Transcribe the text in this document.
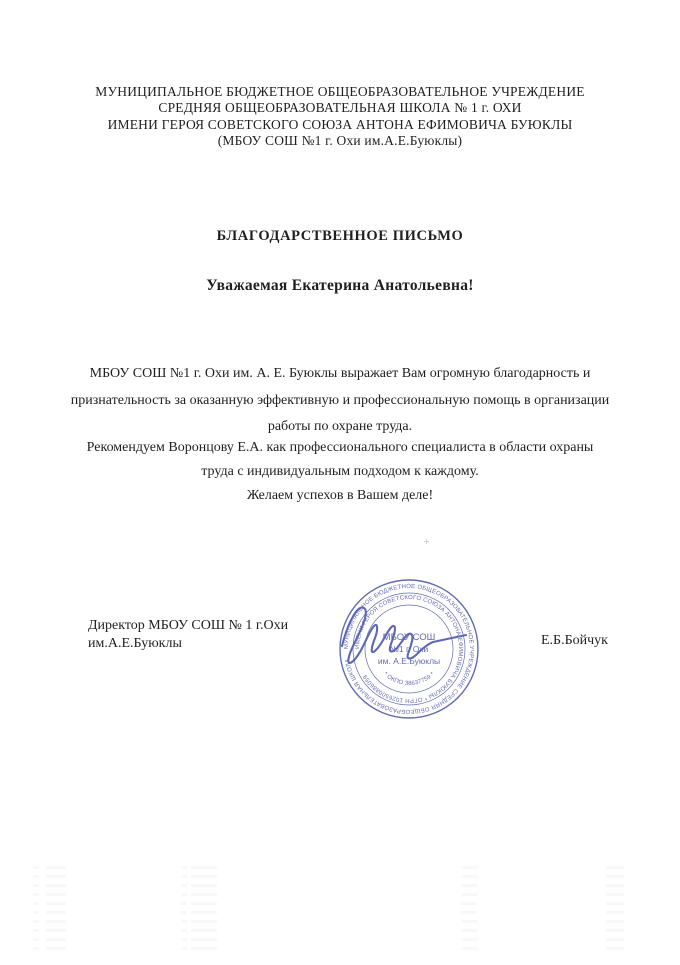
МУНИЦИПАЛЬНОЕ БЮДЖЕТНОЕ ОБЩЕОБРАЗОВАТЕЛЬНОЕ УЧРЕЖДЕНИЕ
СРЕДНЯЯ ОБЩЕОБРАЗОВАТЕЛЬНАЯ ШКОЛА № 1 г. ОХИ
ИМЕНИ ГЕРОЯ СОВЕТСКОГО СОЮЗА АНТОНА ЕФИМОВИЧА БУЮКЛЫ
(МБОУ СОШ №1 г. Охи им.А.Е.Буюклы)
БЛАГОДАРСТВЕННОЕ ПИСЬМО
Уважаемая Екатерина Анатольевна!
МБОУ СОШ №1 г. Охи им. А. Е. Буюклы выражает Вам огромную благодарность и
признательность за оказанную эффективную и профессиональную помощь в организации
работы по охране труда.
Рекомендуем Воронцову Е.А. как профессионального специалиста в области охраны
труда с индивидуальным подходом к каждому.
Желаем успехов в Вашем деле!
Директор МБОУ СОШ № 1 г.Охи
им.А.Е.Буюклы	Е.Б.Бойчук
МУНИЦИПАЛЬНОЕ БЮДЖЕТНОЕ ОБЩЕОБРАЗОВАТЕЛЬНОЕ УЧРЕЖДЕНИЕ СРЕДНЯЯ ОБЩЕОБРАЗОВАТЕЛЬНАЯ ШКОЛА
ИМЕНИ ГЕРОЯ СОВЕТСКОГО СОЮЗА АНТОНА ЕФИМОВИЧА БУЮКЛЫ * ОГРН 1026500886059	* ОКПО 38637759 *
МБОУ СОШ
№1 г. Охи
им. А.Е.Буюклы
